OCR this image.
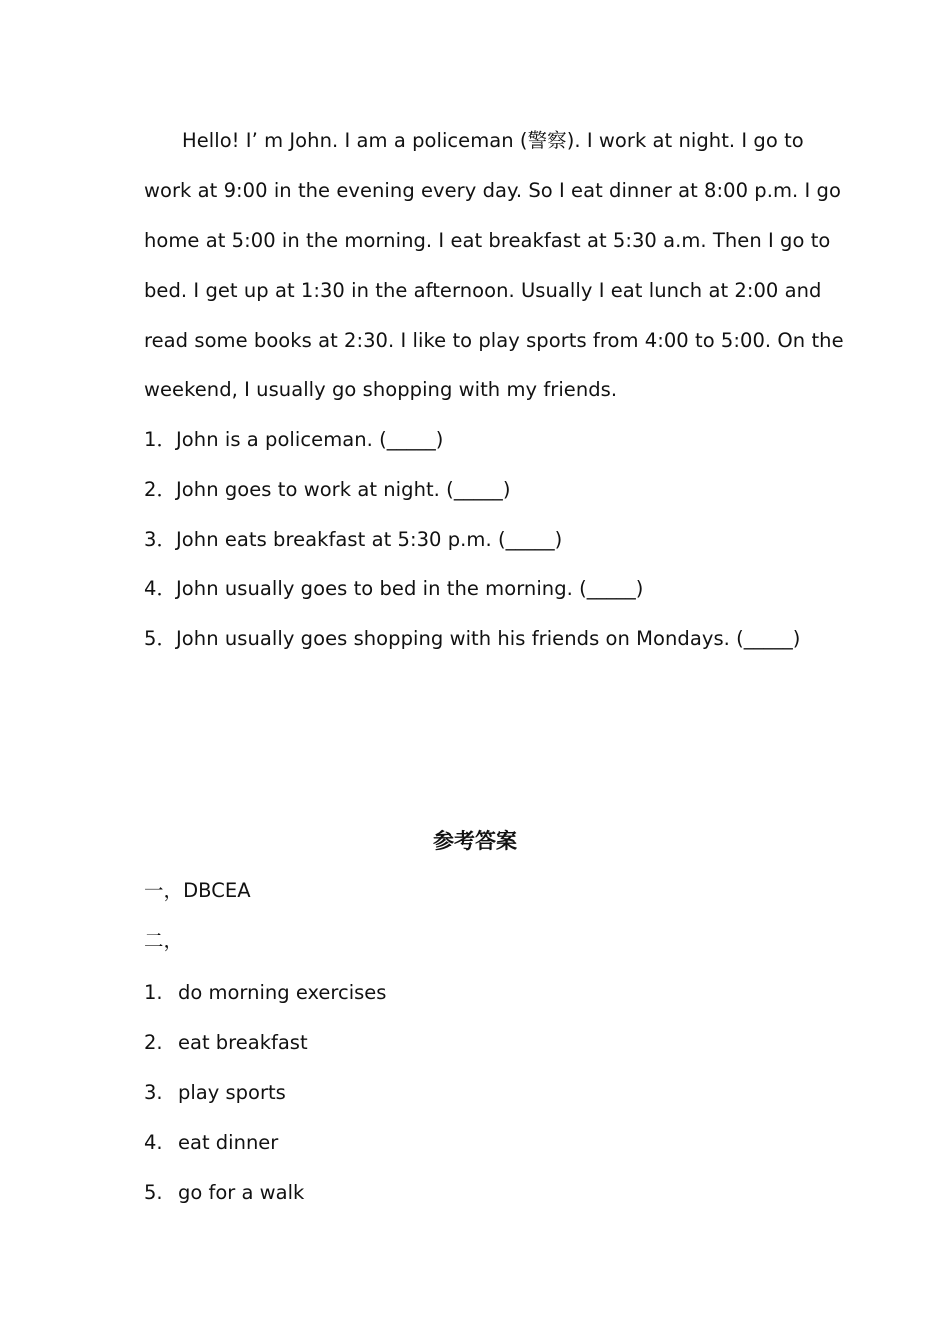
Hello! I’ m John. I am a policeman (警察). I work at night. I go to
work at 9:00 in the evening every day. So I eat dinner at 8:00 p.m. I go
home at 5:00 in the morning. I eat breakfast at 5:30 a.m. Then I go to
bed. I get up at 1:30 in the afternoon. Usually I eat lunch at 2:00 and
read some books at 2:30. I like to play sports from 4:00 to 5:00. On the
weekend, I usually go shopping with my friends.
1．John is a policeman. (_____)
2．John goes to work at night. (_____)
3．John eats breakfast at 5:30 p.m. (_____)
4．John usually goes to bed in the morning. (_____)
5．John usually goes shopping with his friends on Mondays. (_____)
参考答案
一，DBCEA
二，
1. do morning exercises
2. eat breakfast
3. play sports
4. eat dinner
5. go for a walk
